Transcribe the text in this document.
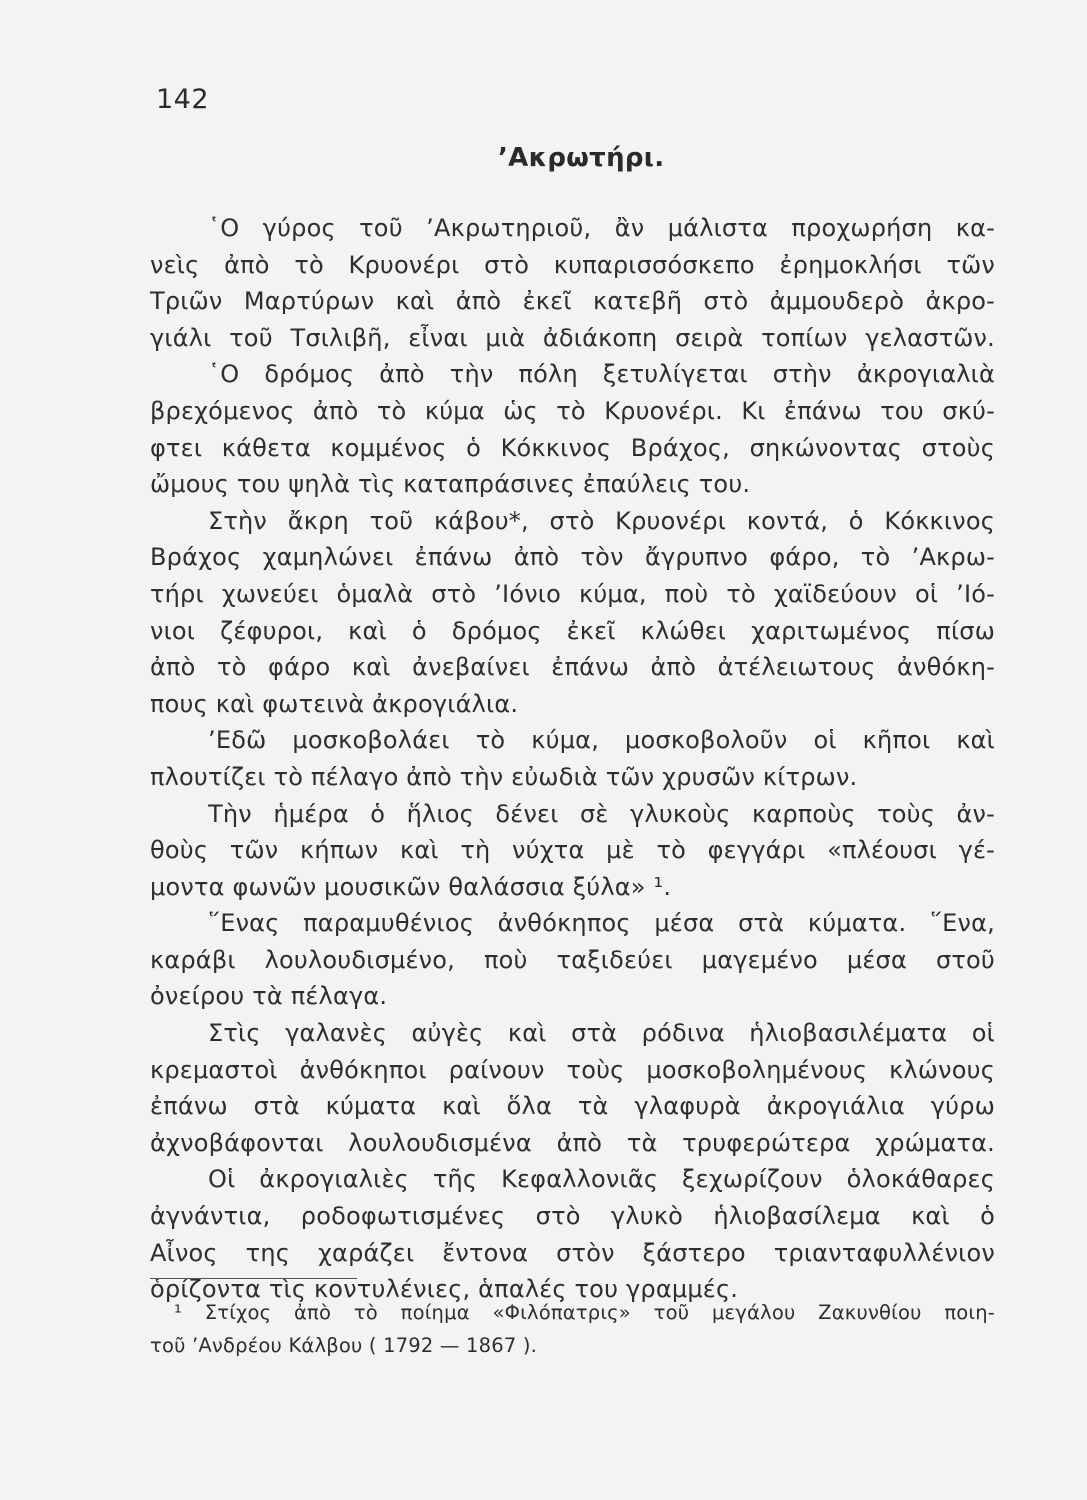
142
’Ακρωτήρι.
῾Ο γύρος τοῦ ’Ακρωτηριοῦ, ἂν μάλιστα προχωρήση κα-
νεὶς ἀπὸ τὸ Κρυονέρι στὸ κυπαρισσόσκεπο ἐρημοκλήσι τῶν
Τριῶν Μαρτύρων καὶ ἀπὸ ἐκεῖ κατεβῆ στὸ ἀμμουδερὸ ἀκρο-
γιάλι τοῦ Τσιλιβῆ, εἶναι μιὰ ἀδιάκοπη σειρὰ τοπίων γελαστῶν.
῾Ο δρόμος ἀπὸ τὴν πόλη ξετυλίγεται στὴν ἀκρογιαλιὰ
βρεχόμενος ἀπὸ τὸ κύμα ὡς τὸ Κρυονέρι. Κι ἐπάνω του σκύ-
φτει κάθετα κομμένος ὁ Κόκκινος Βράχος, σηκώνοντας στοὺς
ὤμους του ψηλὰ τὶς καταπράσινες ἐπαύλεις του.
Στὴν ἄκρη τοῦ κάβου*, στὸ Κρυονέρι κοντά, ὁ Κόκκινος
Βράχος χαμηλώνει ἐπάνω ἀπὸ τὸν ἄγρυπνο φάρο, τὸ ’Ακρω-
τήρι χωνεύει ὁμαλὰ στὸ ’Ιόνιο κύμα, ποὺ τὸ χαϊδεύουν οἱ ’Ιό-
νιοι ζέφυροι, καὶ ὁ δρόμος ἐκεῖ κλώθει χαριτωμένος πίσω
ἀπὸ τὸ φάρο καὶ ἀνεβαίνει ἐπάνω ἀπὸ ἀτέλειωτους ἀνθόκη-
πους καὶ φωτεινὰ ἀκρογιάλια.
’Εδῶ μοσκοβολάει τὸ κύμα, μοσκοβολοῦν οἱ κῆποι καὶ
πλουτίζει τὸ πέλαγο ἀπὸ τὴν εὐωδιὰ τῶν χρυσῶν κίτρων.
Τὴν ἡμέρα ὁ ἥλιος δένει σὲ γλυκοὺς καρποὺς τοὺς ἀν-
θοὺς τῶν κήπων καὶ τὴ νύχτα μὲ τὸ φεγγάρι «πλέουσι γέ-
μοντα φωνῶν μουσικῶν θαλάσσια ξύλα» ¹.
῞Ενας παραμυθένιος ἀνθόκηπος μέσα στὰ κύματα. ῞Ενα,
καράβι λουλουδισμένο, ποὺ ταξιδεύει μαγεμένο μέσα στοῦ
ὀνείρου τὰ πέλαγα.
Στὶς γαλανὲς αὐγὲς καὶ στὰ ρόδινα ἡλιοβασιλέματα οἱ
κρεμαστοὶ ἀνθόκηποι ραίνουν τοὺς μοσκοβολημένους κλώνους
ἐπάνω στὰ κύματα καὶ ὅλα τὰ γλαφυρὰ ἀκρογιάλια γύρω
ἀχνοβάφονται λουλουδισμένα ἀπὸ τὰ τρυφερώτερα χρώματα.
Οἱ ἀκρογιαλιὲς τῆς Κεφαλλονιᾶς ξεχωρίζουν ὁλοκάθαρες
ἀγνάντια, ροδοφωτισμένες στὸ γλυκὸ ἡλιοβασίλεμα καὶ ὁ
Αἶνος της χαράζει ἔντονα στὸν ξάστερο τριανταφυλλένιον
ὁρίζοντα τὶς κοντυλένιες, ἁπαλές του γραμμές.
¹ Στίχος ἀπὸ τὸ ποίημα «Φιλόπατρις» τοῦ μεγάλου Ζακυνθίου ποιη-
τοῦ ’Ανδρέου Κάλβου ( 1792 — 1867 ).
